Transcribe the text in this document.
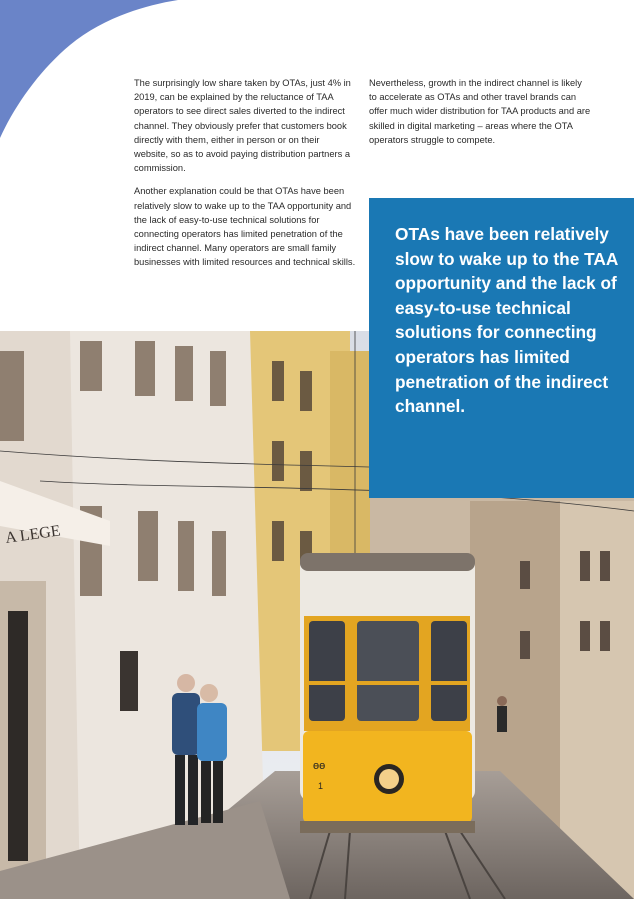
The surprisingly low share taken by OTAs, just 4% in 2019, can be explained by the reluctance of TAA operators to see direct sales diverted to the indirect channel. They obviously prefer that customers book directly with them, either in person or on their website, so as to avoid paying distribution partners a commission.

Another explanation could be that OTAs have been relatively slow to wake up to the TAA opportunity and the lack of easy-to-use technical solutions for connecting operators has limited penetration of the indirect channel. Many operators are small family businesses with limited resources and technical skills.

Nevertheless, growth in the indirect channel is likely to accelerate as OTAs and other travel brands can offer much wider distribution for TAA products and are skilled in digital marketing – areas where the OTA operators struggle to compete.

A LEGE
ɵɵ
1

OTAs have been relatively slow to wake up to the TAA opportunity and the lack of easy-to-use technical solutions for connecting operators has limited penetration of the indirect channel.
